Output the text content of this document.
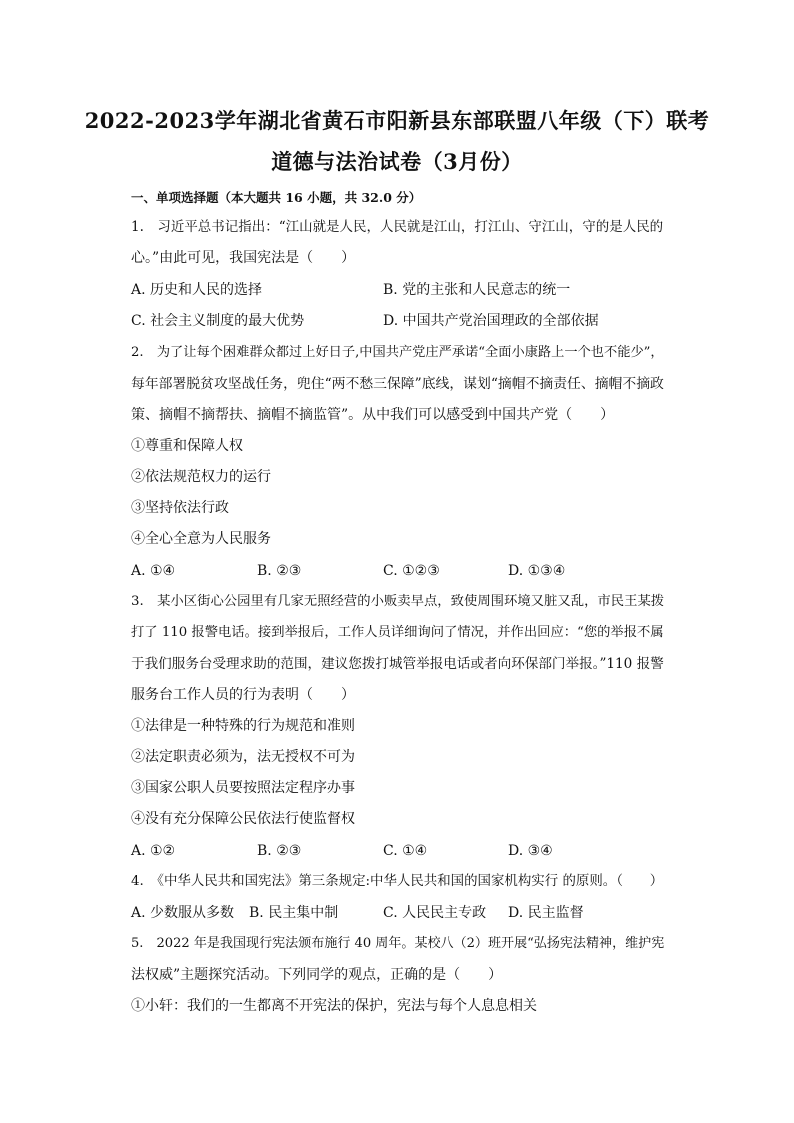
2022-2023学年湖北省黄石市阳新县东部联盟八年级（下）联考
道德与法治试卷（3月份）
一、单项选择题（本大题共 16 小题，共 32.0 分）
1.　习近平总书记指出：“江山就是人民，人民就是江山，打江山、守江山，守的是人民的
心。”由此可见，我国宪法是（　　）
A. 历史和人民的选择	B. 党的主张和人民意志的统一
C. 社会主义制度的最大优势	D. 中国共产党治国理政的全部依据
2.　为了让每个困难群众都过上好日子,中国共产党庄严承诺“全面小康路上一个也不能少”，
每年部署脱贫攻坚战任务，兜住“两不愁三保障”底线，谋划“摘帽不摘责任、摘帽不摘政
策、摘帽不摘帮扶、摘帽不摘监管”。从中我们可以感受到中国共产党（　　）
①尊重和保障人权
②依法规范权力的运行
③坚持依法行政
④全心全意为人民服务
A. ①④	B. ②③	C. ①②③	D. ①③④
3.　某小区街心公园里有几家无照经营的小贩卖早点，致使周围环境又脏又乱，市民王某拨
打了 110 报警电话。接到举报后，工作人员详细询问了情况，并作出回应：“您的举报不属
于我们服务台受理求助的范围，建议您拨打城管举报电话或者向环保部门举报。”110 报警
服务台工作人员的行为表明（　　）
①法律是一种特殊的行为规范和准则
②法定职责必须为，法无授权不可为
③国家公职人员要按照法定程序办事
④没有充分保障公民依法行使监督权
A. ①②	B. ②③	C. ①④	D. ③④
4.　《中华人民共和国宪法》第三条规定:中华人民共和国的国家机构实行 的原则。（　　）
A. 少数服从多数 B. 民主集中制	C. 人民民主专政 D. 民主监督
5.　2022 年是我国现行宪法颁布施行 40 周年。某校八（2）班开展“弘扬宪法精神，维护宪
法权威”主题探究活动。下列同学的观点，正确的是（　　）
①小轩：我们的一生都离不开宪法的保护，宪法与每个人息息相关
